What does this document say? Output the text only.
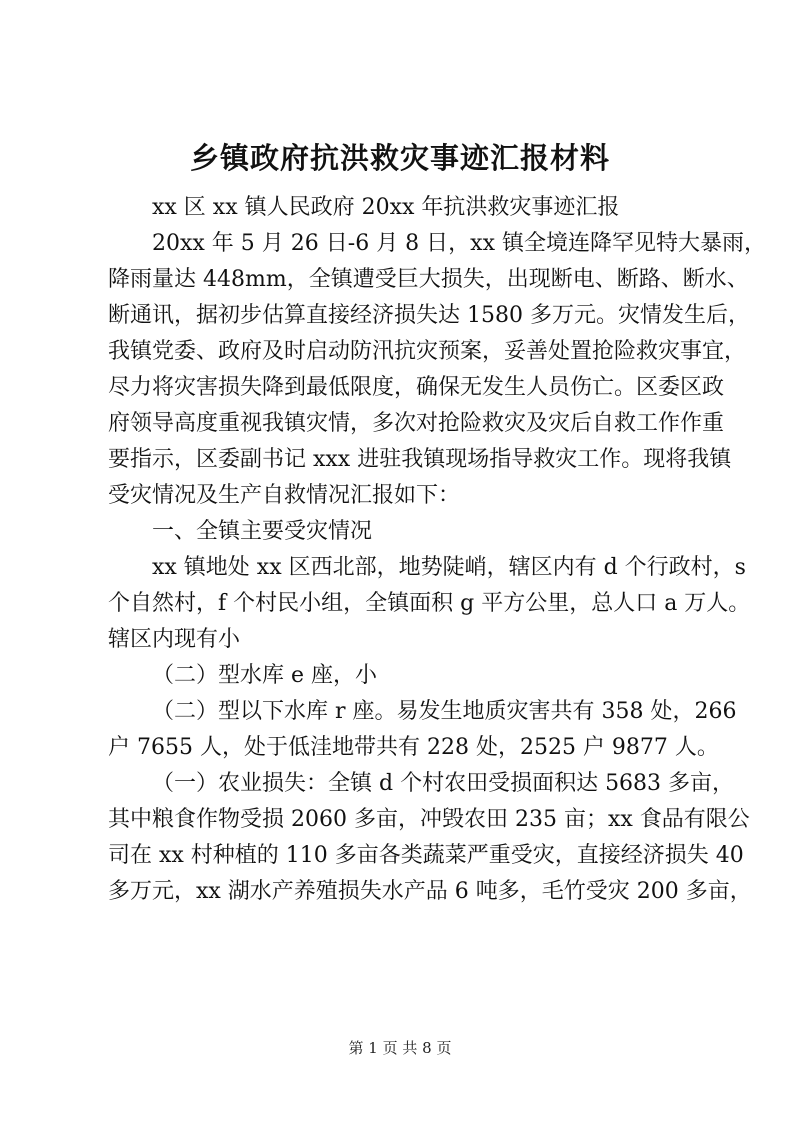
乡镇政府抗洪救灾事迹汇报材料
xx 区 xx 镇人民政府 20xx 年抗洪救灾事迹汇报
20xx 年 5 月 26 日-6 月 8 日，xx 镇全境连降罕见特大暴雨，
降雨量达 448mm，全镇遭受巨大损失，出现断电、断路、断水、
断通讯，据初步估算直接经济损失达 1580 多万元。灾情发生后，
我镇党委、政府及时启动防汛抗灾预案，妥善处置抢险救灾事宜，
尽力将灾害损失降到最低限度，确保无发生人员伤亡。区委区政
府领导高度重视我镇灾情，多次对抢险救灾及灾后自救工作作重
要指示，区委副书记 xxx 进驻我镇现场指导救灾工作。现将我镇
受灾情况及生产自救情况汇报如下：
一、全镇主要受灾情况
xx 镇地处 xx 区西北部，地势陡峭，辖区内有 d 个行政村，s
个自然村，f 个村民小组，全镇面积 g 平方公里，总人口 a 万人。
辖区内现有小
（二）型水库 e 座，小
（二）型以下水库 r 座。易发生地质灾害共有 358 处，266
户 7655 人，处于低洼地带共有 228 处，2525 户 9877 人。
（一）农业损失：全镇 d 个村农田受损面积达 5683 多亩，
其中粮食作物受损 2060 多亩，冲毁农田 235 亩；xx 食品有限公
司在 xx 村种植的 110 多亩各类蔬菜严重受灾，直接经济损失 40
多万元，xx 湖水产养殖损失水产品 6 吨多，毛竹受灾 200 多亩，
第 1 页 共 8 页
